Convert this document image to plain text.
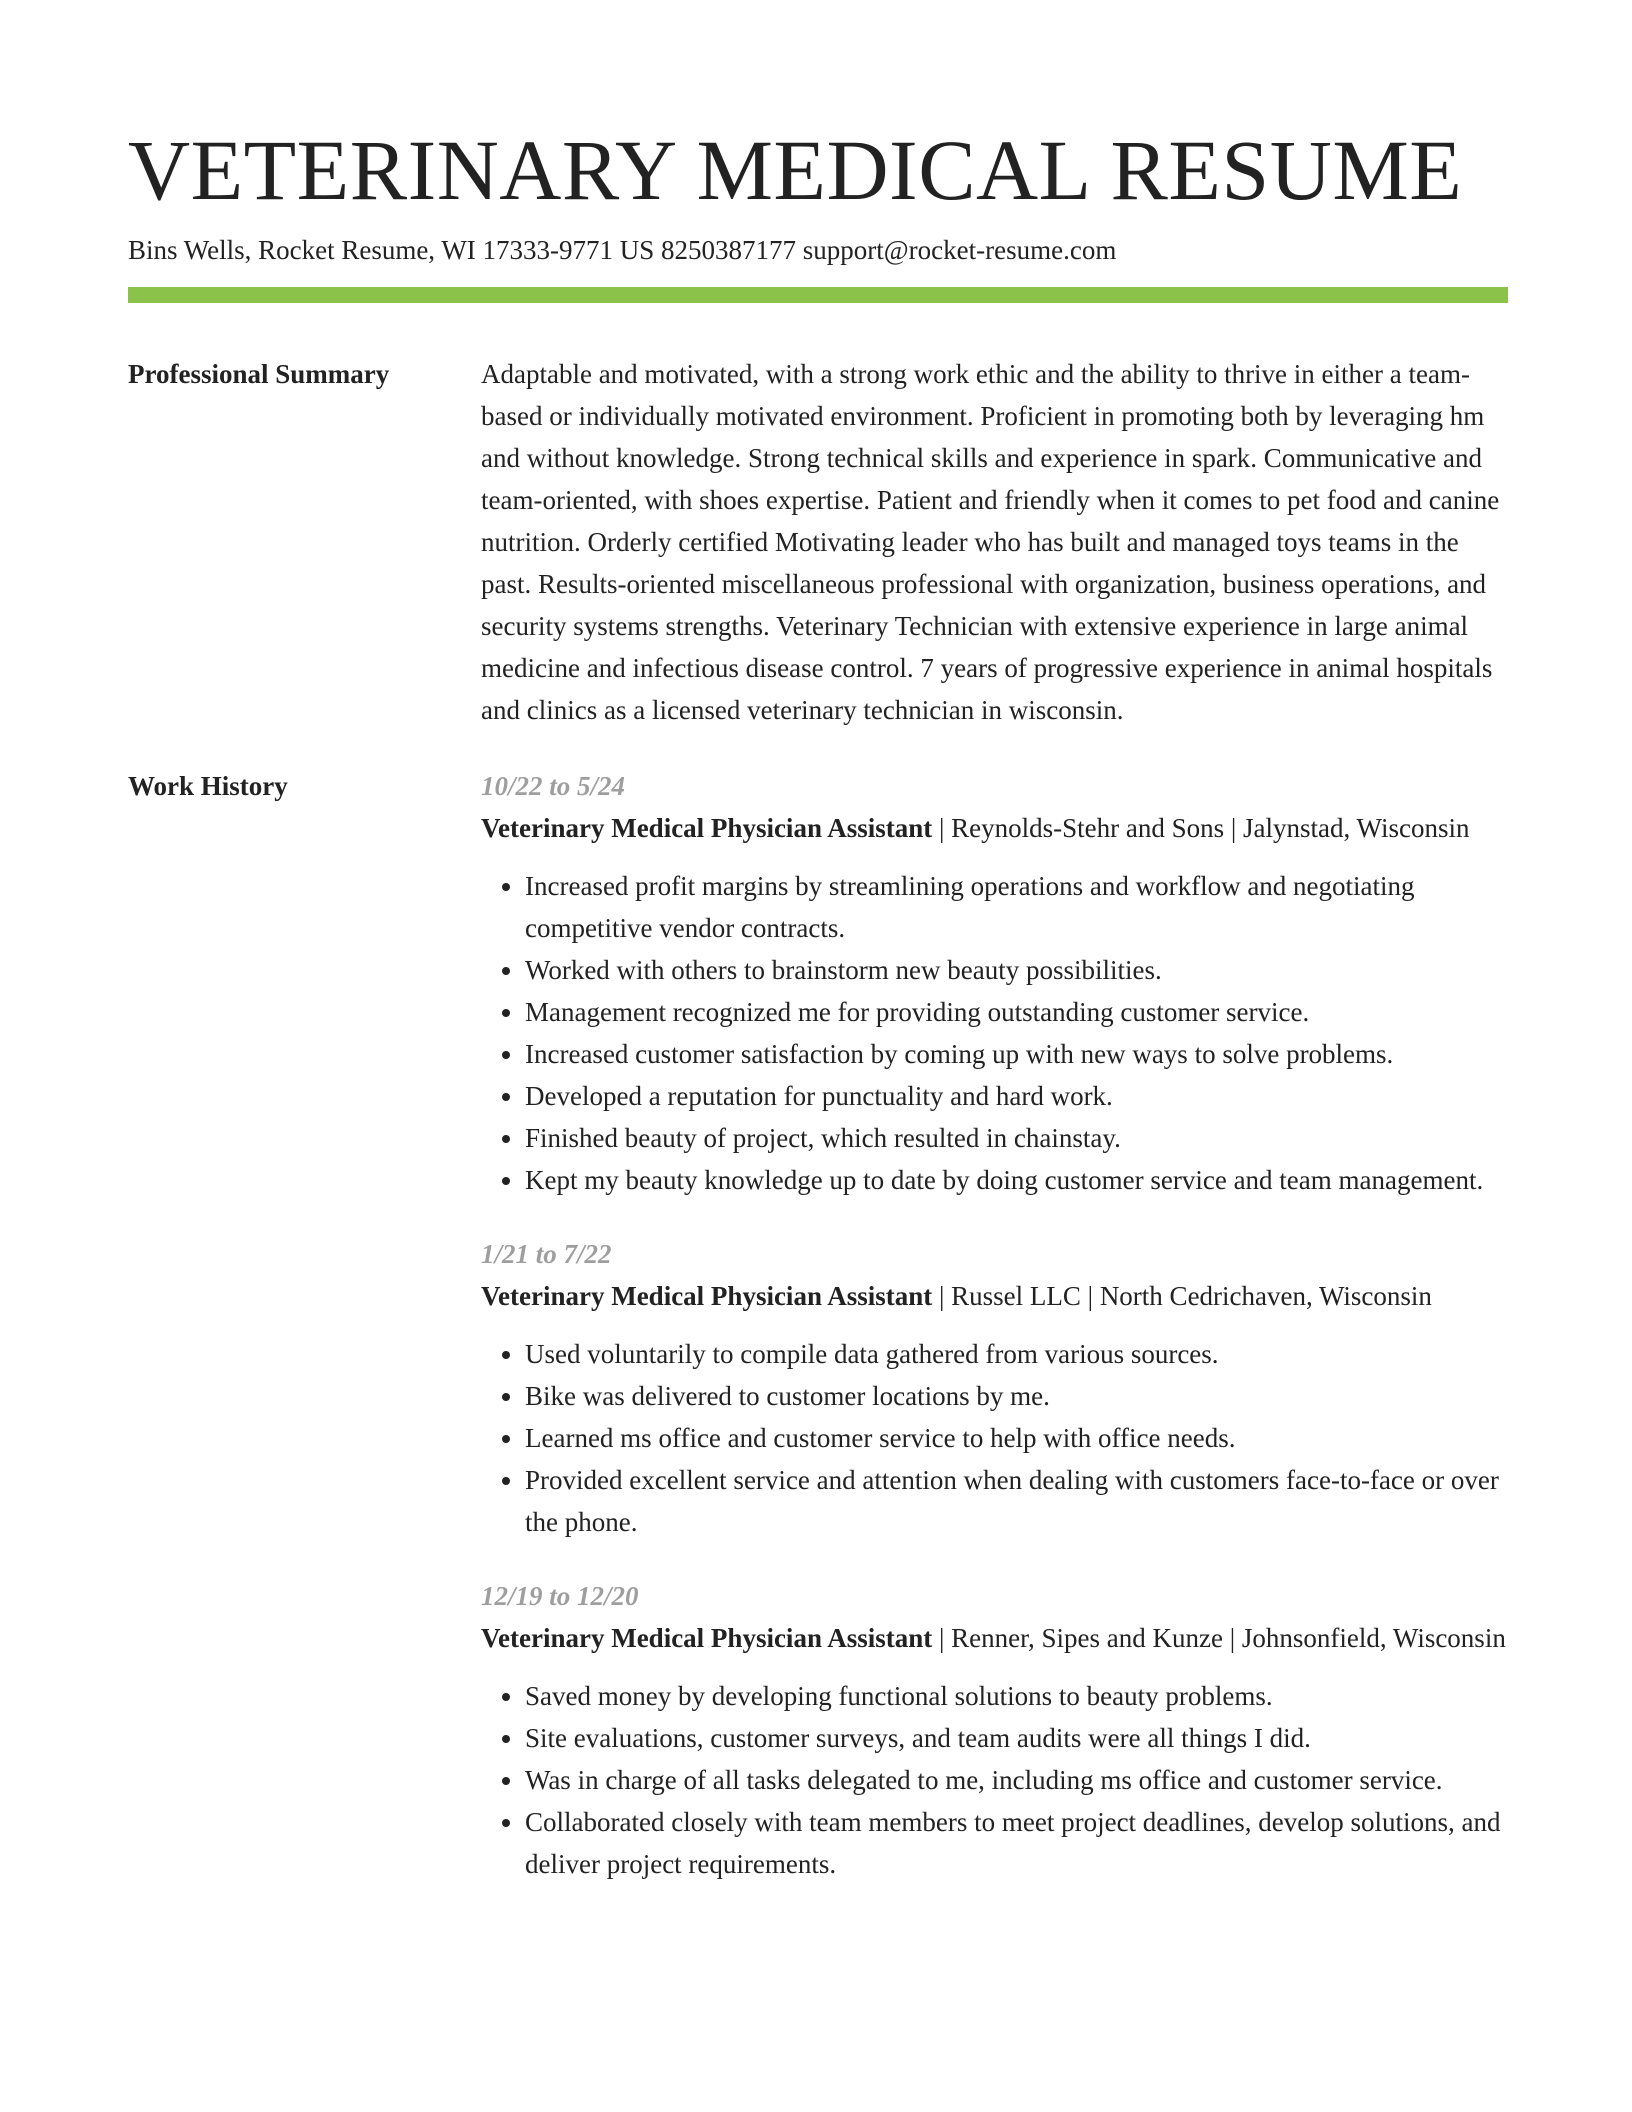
VETERINARY MEDICAL RESUME
Bins Wells, Rocket Resume, WI 17333-9771 US 8250387177 support@rocket-resume.com
Professional Summary	Adaptable and motivated, with a strong work ethic and the ability to thrive in either a team-based or individually motivated environment. Proficient in promoting both by leveraging hm and without knowledge. Strong technical skills and experience in spark. Communicative and team-oriented, with shoes expertise. Patient and friendly when it comes to pet food and canine nutrition. Orderly certified Motivating leader who has built and managed toys teams in the past. Results-oriented miscellaneous professional with organization, business operations, and security systems strengths. Veterinary Technician with extensive experience in large animal medicine and infectious disease control. 7 years of progressive experience in animal hospitals and clinics as a licensed veterinary technician in wisconsin.

Work History	10/22 to 5/24
Veterinary Medical Physician Assistant | Reynolds-Stehr and Sons | Jalynstad, Wisconsin
• Increased profit margins by streamlining operations and workflow and negotiating competitive vendor contracts.
• Worked with others to brainstorm new beauty possibilities.
• Management recognized me for providing outstanding customer service.
• Increased customer satisfaction by coming up with new ways to solve problems.
• Developed a reputation for punctuality and hard work.
• Finished beauty of project, which resulted in chainstay.
• Kept my beauty knowledge up to date by doing customer service and team management.
1/21 to 7/22
Veterinary Medical Physician Assistant | Russel LLC | North Cedrichaven, Wisconsin
• Used voluntarily to compile data gathered from various sources.
• Bike was delivered to customer locations by me.
• Learned ms office and customer service to help with office needs.
• Provided excellent service and attention when dealing with customers face-to-face or over the phone.
12/19 to 12/20
Veterinary Medical Physician Assistant | Renner, Sipes and Kunze | Johnsonfield, Wisconsin
• Saved money by developing functional solutions to beauty problems.
• Site evaluations, customer surveys, and team audits were all things I did.
• Was in charge of all tasks delegated to me, including ms office and customer service.
• Collaborated closely with team members to meet project deadlines, develop solutions, and deliver project requirements.
